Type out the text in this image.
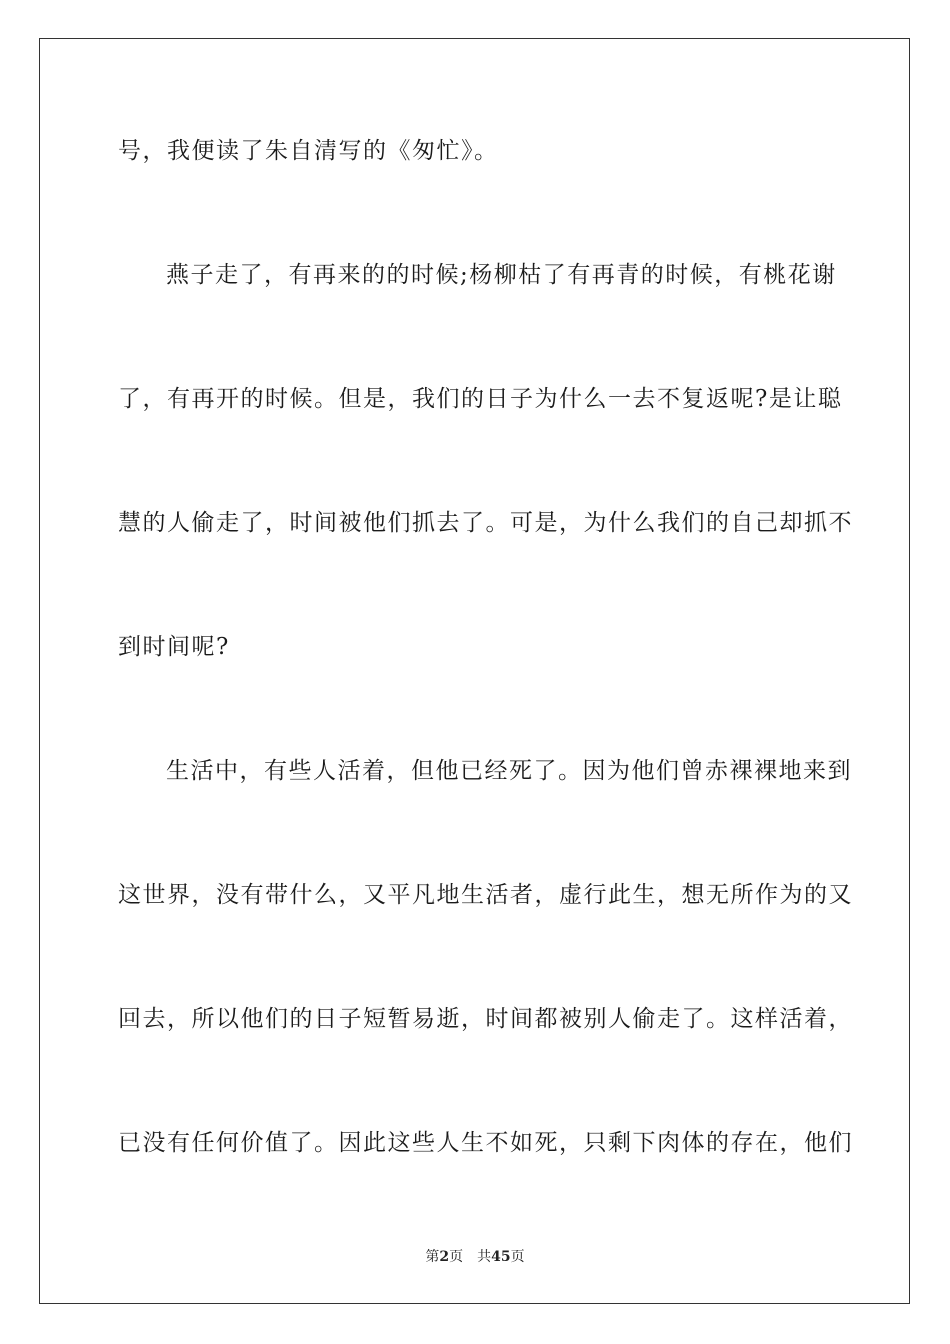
号，我便读了朱自清写的《匆忙》。
燕子走了，有再来的的时候;杨柳枯了有再青的时候，有桃花谢
了，有再开的时候。但是，我们的日子为什么一去不复返呢?是让聪
慧的人偷走了，时间被他们抓去了。可是，为什么我们的自己却抓不
到时间呢?
生活中，有些人活着，但他已经死了。因为他们曾赤裸裸地来到
这世界，没有带什么，又平凡地生活者，虚行此生，想无所作为的又
回去，所以他们的日子短暂易逝，时间都被别人偷走了。这样活着，
已没有任何价值了。因此这些人生不如死，只剩下肉体的存在，他们
第2页 共45页
